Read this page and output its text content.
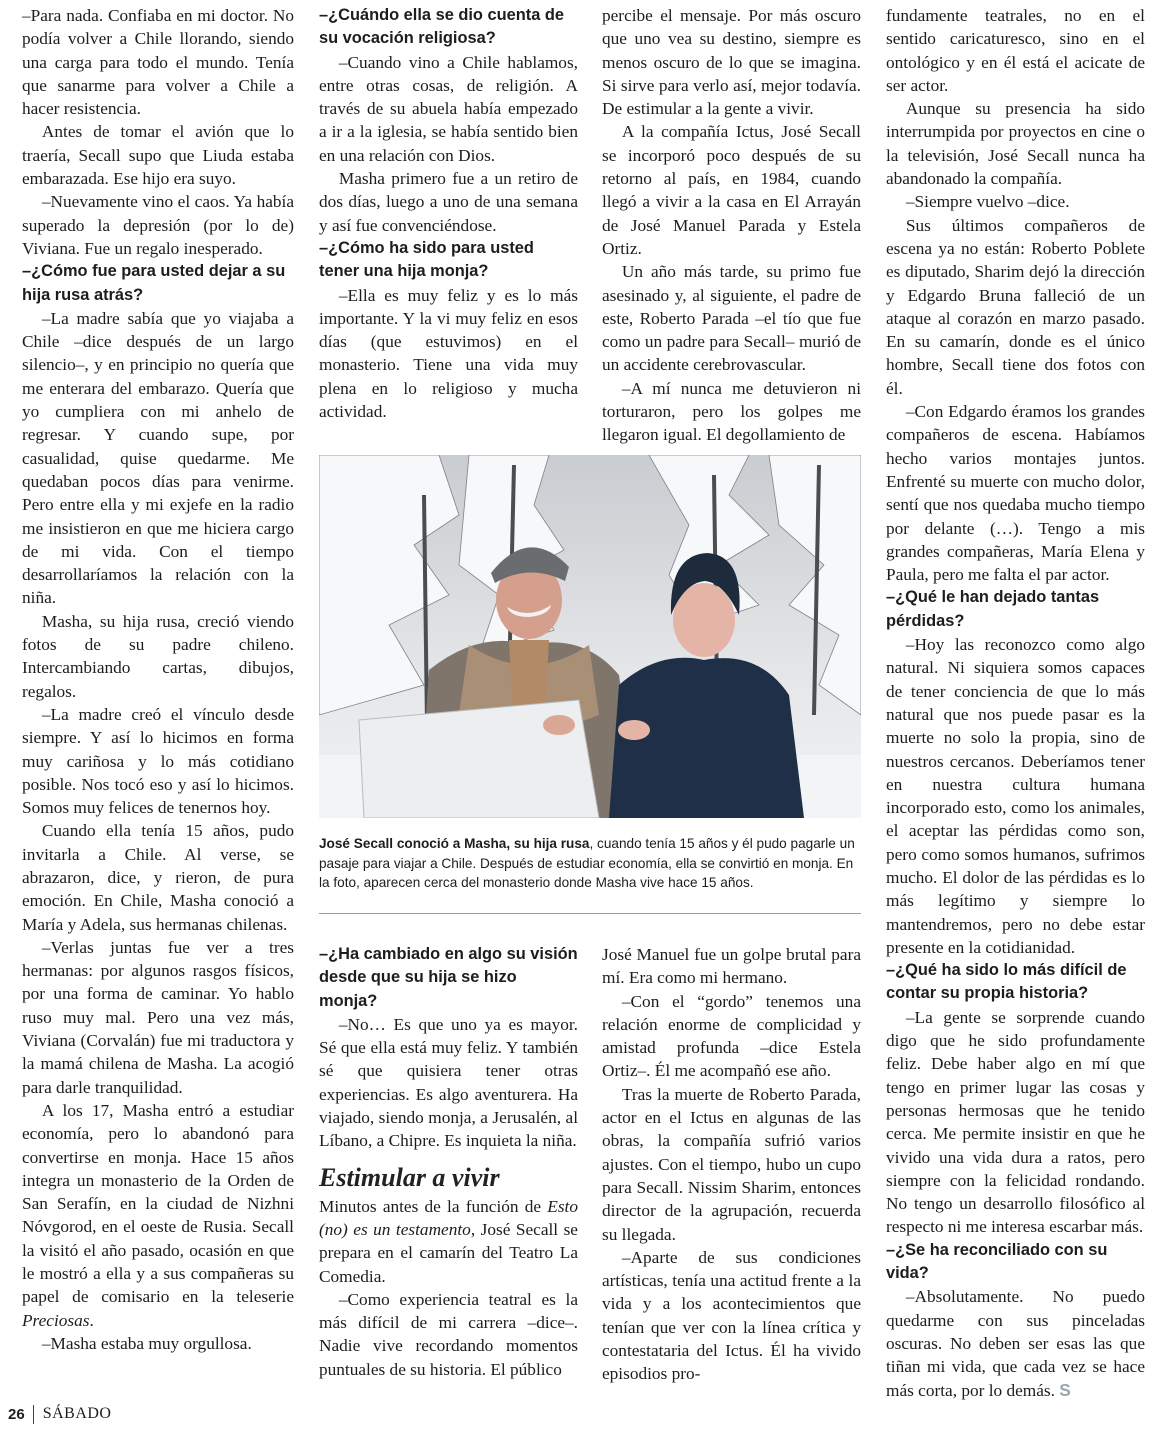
–Para nada. Confiaba en mi doctor. No podía volver a Chile llorando, siendo una carga para todo el mundo. Tenía que sanarme para volver a Chile a hacer resistencia.

Antes de tomar el avión que lo traería, Secall supo que Liuda estaba embarazada. Ese hijo era suyo.

–Nuevamente vino el caos. Ya había superado la depresión (por lo de) Viviana. Fue un regalo inesperado.

–¿Cómo fue para usted dejar a su hija rusa atrás?

–La madre sabía que yo viajaba a Chile –dice después de un largo silencio–, y en principio no quería que me enterara del embarazo. Quería que yo cumpliera con mi anhelo de regresar. Y cuando supe, por casualidad, quise quedarme. Me quedaban pocos días para venirme. Pero entre ella y mi exjefe en la radio me insistieron en que me hiciera cargo de mi vida. Con el tiempo desarrollaríamos la relación con la niña.

Masha, su hija rusa, creció viendo fotos de su padre chileno. Intercambiando cartas, dibujos, regalos.

–La madre creó el vínculo desde siempre. Y así lo hicimos en forma muy cariñosa y lo más cotidiano posible. Nos tocó eso y así lo hicimos. Somos muy felices de tenernos hoy.

Cuando ella tenía 15 años, pudo invitarla a Chile. Al verse, se abrazaron, dice, y rieron, de pura emoción. En Chile, Masha conoció a María y Adela, sus hermanas chilenas.

–Verlas juntas fue ver a tres hermanas: por algunos rasgos físicos, por una forma de caminar. Yo hablo ruso muy mal. Pero una vez más, Viviana (Corvalán) fue mi traductora y la mamá chilena de Masha. La acogió para darle tranquilidad.

A los 17, Masha entró a estudiar economía, pero lo abandonó para convertirse en monja. Hace 15 años integra un monasterio de la Orden de San Serafín, en la ciudad de Nizhni Nóvgorod, en el oeste de Rusia. Secall la visitó el año pasado, ocasión en que le mostró a ella y a sus compañeras su papel de comisario en la teleserie Preciosas.

–Masha estaba muy orgullosa.

–¿Cuándo ella se dio cuenta de su vocación religiosa?

–Cuando vino a Chile hablamos, entre otras cosas, de religión. A través de su abuela había empezado a ir a la iglesia, se había sentido bien en una relación con Dios.

Masha primero fue a un retiro de dos días, luego a uno de una semana y así fue convenciéndose.

–¿Cómo ha sido para usted tener una hija monja?

–Ella es muy feliz y es lo más importante. Y la vi muy feliz en esos días (que estuvimos) en el monasterio. Tiene una vida muy plena en lo religioso y mucha actividad.

percibe el mensaje. Por más oscuro que uno vea su destino, siempre es menos oscuro de lo que se imagina. Si sirve para verlo así, mejor todavía. De estimular a la gente a vivir.

A la compañía Ictus, José Secall se incorporó poco después de su retorno al país, en 1984, cuando llegó a vivir a la casa en El Arrayán de José Manuel Parada y Estela Ortiz.

Un año más tarde, su primo fue asesinado y, al siguiente, el padre de este, Roberto Parada –el tío que fue como un padre para Secall– murió de un accidente cerebrovascular.

–A mí nunca me detuvieron ni torturaron, pero los golpes me llegaron igual. El degollamiento de

fundamente teatrales, no en el sentido caricaturesco, sino en el ontológico y en él está el acicate de ser actor.

Aunque su presencia ha sido interrumpida por proyectos en cine o la televisión, José Secall nunca ha abandonado la compañía.

–Siempre vuelvo –dice.

Sus últimos compañeros de escena ya no están: Roberto Poblete es diputado, Sharim dejó la dirección y Edgardo Bruna falleció de un ataque al corazón en marzo pasado. En su camarín, donde es el único hombre, Secall tiene dos fotos con él.

–Con Edgardo éramos los grandes compañeros de escena. Habíamos hecho varios montajes juntos. Enfrenté su muerte con mucho dolor, sentí que nos quedaba mucho tiempo por delante (…). Tengo a mis grandes compañeras, María Elena y Paula, pero me falta el par actor.

–¿Qué le han dejado tantas pérdidas?

–Hoy las reconozco como algo natural. Ni siquiera somos capaces de tener conciencia de que lo más natural que nos puede pasar es la muerte no solo la propia, sino de nuestros cercanos. Deberíamos tener en nuestra cultura humana incorporado esto, como los animales, el aceptar las pérdidas como son, pero como somos humanos, sufrimos mucho. El dolor de las pérdidas es lo más legítimo y siempre lo mantendremos, pero no debe estar presente en la cotidianidad.

–¿Qué ha sido lo más difícil de contar su propia historia?

–La gente se sorprende cuando digo que he sido profundamente feliz. Debe haber algo en mí que tengo en primer lugar las cosas y personas hermosas que he tenido cerca. Me permite insistir en que he vivido una vida dura a ratos, pero siempre con la felicidad rondando. No tengo un desarrollo filosófico al respecto ni me interesa escarbar más.

–¿Se ha reconciliado con su vida?

–Absolutamente. No puedo quedarme con sus pinceladas oscuras. No deben ser esas las que tiñan mi vida, que cada vez se hace más corta, por lo demás. S

José Secall conoció a Masha, su hija rusa, cuando tenía 15 años y él pudo pagarle un pasaje para viajar a Chile. Después de estudiar economía, ella se convirtió en monja. En la foto, aparecen cerca del monasterio donde Masha vive hace 15 años.
–¿Ha cambiado en algo su visión desde que su hija se hizo monja?

–No… Es que uno ya es mayor. Sé que ella está muy feliz. Y también sé que quisiera tener otras experiencias. Es algo aventurera. Ha viajado, siendo monja, a Jerusalén, al Líbano, a Chipre. Es inquieta la niña.

Estimular a vivir

Minutos antes de la función de Esto (no) es un testamento, José Secall se prepara en el camarín del Teatro La Comedia.

–Como experiencia teatral es la más difícil de mi carrera –dice–. Nadie vive recordando momentos puntuales de su historia. El público

José Manuel fue un golpe brutal para mí. Era como mi hermano.

–Con el “gordo” tenemos una relación enorme de complicidad y amistad profunda –dice Estela Ortiz–. Él me acompañó ese año.

Tras la muerte de Roberto Parada, actor en el Ictus en algunas de las obras, la compañía sufrió varios ajustes. Con el tiempo, hubo un cupo para Secall. Nissim Sharim, entonces director de la agrupación, recuerda su llegada.

–Aparte de sus condiciones artísticas, tenía una actitud frente a la vida y a los acontecimientos que tenían que ver con la línea crítica y contestataria del Ictus. Él ha vivido episodios pro-

26 SÁBADO
